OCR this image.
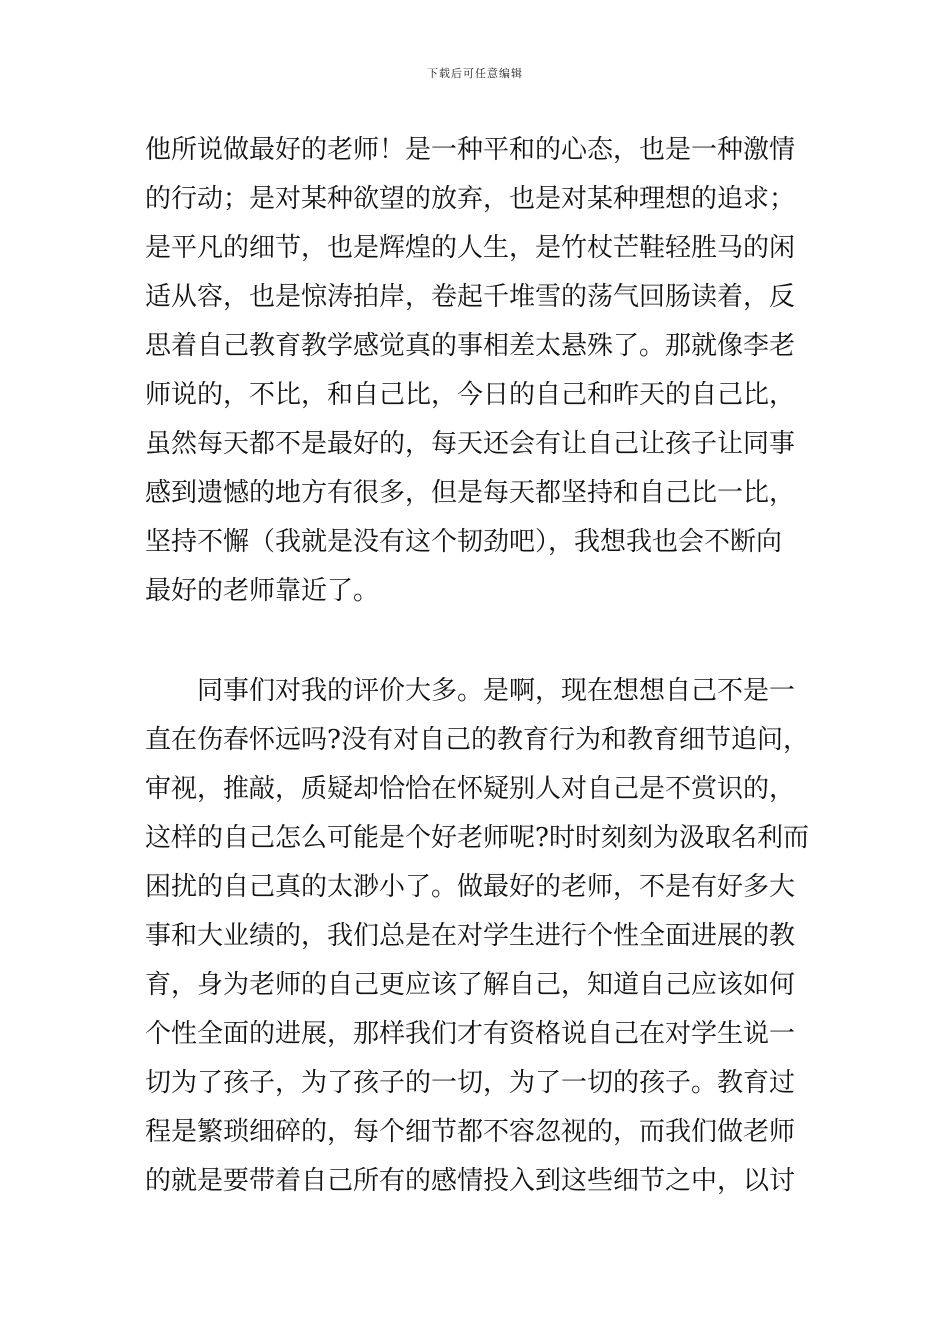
下载后可任意编辑
他所说做最好的老师！是一种平和的心态，也是一种激情
的行动；是对某种欲望的放弃，也是对某种理想的追求；
是平凡的细节，也是辉煌的人生，是竹杖芒鞋轻胜马的闲
适从容，也是惊涛拍岸，卷起千堆雪的荡气回肠读着，反
思着自己教育教学感觉真的事相差太悬殊了。那就像李老
师说的，不比，和自己比，今日的自己和昨天的自己比，
虽然每天都不是最好的，每天还会有让自己让孩子让同事
感到遗憾的地方有很多，但是每天都坚持和自己比一比，
坚持不懈（我就是没有这个韧劲吧），我想我也会不断向
最好的老师靠近了。
同事们对我的评价大多。是啊，现在想想自己不是一
直在伤春怀远吗?没有对自己的教育行为和教育细节追问，
审视，推敲，质疑却恰恰在怀疑别人对自己是不赏识的，
这样的自己怎么可能是个好老师呢?时时刻刻为汲取名利而
困扰的自己真的太渺小了。做最好的老师，不是有好多大
事和大业绩的，我们总是在对学生进行个性全面进展的教
育，身为老师的自己更应该了解自己，知道自己应该如何
个性全面的进展，那样我们才有资格说自己在对学生说一
切为了孩子，为了孩子的一切，为了一切的孩子。教育过
程是繁琐细碎的，每个细节都不容忽视的，而我们做老师
的就是要带着自己所有的感情投入到这些细节之中，以讨
